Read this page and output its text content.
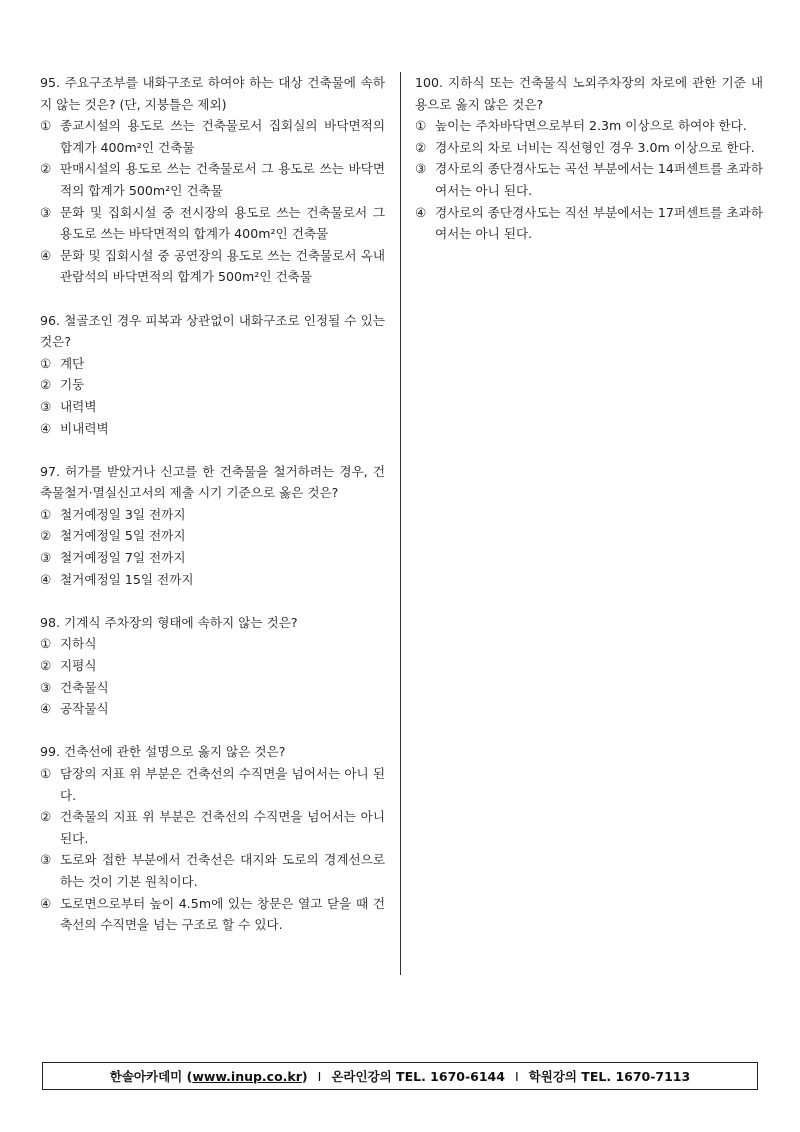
95. 주요구조부를 내화구조로 하여야 하는 대상 건축물에 속하지 않는 것은? (단, 지붕틀은 제외)

① 종교시설의 용도로 쓰는 건축물로서 집회실의 바닥면적의 합계가 400m²인 건축물
② 판매시설의 용도로 쓰는 건축물로서 그 용도로 쓰는 바닥면적의 합계가 500m²인 건축물
③ 문화 및 집회시설 중 전시장의 용도로 쓰는 건축물로서 그 용도로 쓰는 바닥면적의 합계가 400m²인 건축물
④ 문화 및 집회시설 중 공연장의 용도로 쓰는 건축물로서 옥내관람석의 바닥면적의 합계가 500m²인 건축물

96. 철골조인 경우 피복과 상관없이 내화구조로 인정될 수 있는 것은?

① 계단
② 기둥
③ 내력벽
④ 비내력벽

97. 허가를 받았거나 신고를 한 건축물을 철거하려는 경우, 건축물철거·멸실신고서의 제출 시기 기준으로 옳은 것은?

① 철거예정일 3일 전까지
② 철거예정일 5일 전까지
③ 철거예정일 7일 전까지
④ 철거예정일 15일 전까지

98. 기계식 주차장의 형태에 속하지 않는 것은?

① 지하식
② 지평식
③ 건축물식
④ 공작물식

99. 건축선에 관한 설명으로 옳지 않은 것은?

① 담장의 지표 위 부분은 건축선의 수직면을 넘어서는 아니 된다.
② 건축물의 지표 위 부분은 건축선의 수직면을 넘어서는 아니 된다.
③ 도로와 접한 부분에서 건축선은 대지와 도로의 경계선으로 하는 것이 기본 원칙이다.
④ 도로면으로부터 높이 4.5m에 있는 창문은 열고 닫을 때 건축선의 수직면을 넘는 구조로 할 수 있다.

100. 지하식 또는 건축물식 노외주차장의 차로에 관한 기준 내용으로 옳지 않은 것은?

① 높이는 주차바닥면으로부터 2.3m 이상으로 하여야 한다.
② 경사로의 차로 너비는 직선형인 경우 3.0m 이상으로 한다.
③ 경사로의 종단경사도는 곡선 부분에서는 14퍼센트를 초과하여서는 아니 된다.
④ 경사로의 종단경사도는 직선 부분에서는 17퍼센트를 초과하여서는 아니 된다.
한솔아카데미 ( www.inup.co.kr ) I 온라인강의 TEL. 1670-6144 I 학원강의 TEL. 1670-7113
